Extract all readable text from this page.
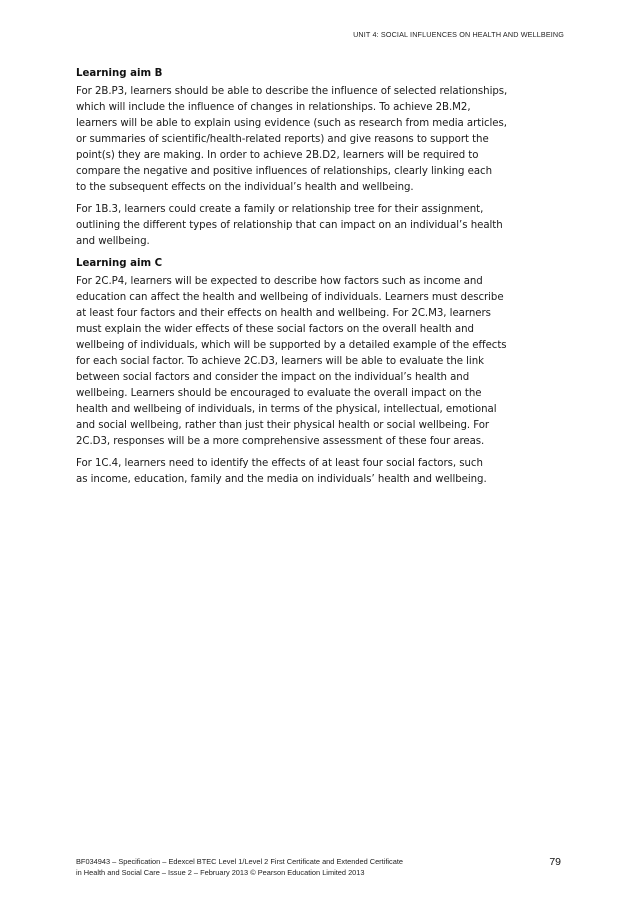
UNIT 4: SOCIAL INFLUENCES ON HEALTH AND WELLBEING
Learning aim B
For 2B.P3, learners should be able to describe the influence of selected relationships,
which will include the influence of changes in relationships. To achieve 2B.M2,
learners will be able to explain using evidence (such as research from media articles,
or summaries of scientific/health-related reports) and give reasons to support the
point(s) they are making. In order to achieve 2B.D2, learners will be required to
compare the negative and positive influences of relationships, clearly linking each
to the subsequent effects on the individual’s health and wellbeing.
For 1B.3, learners could create a family or relationship tree for their assignment,
outlining the different types of relationship that can impact on an individual’s health
and wellbeing.
Learning aim C
For 2C.P4, learners will be expected to describe how factors such as income and
education can affect the health and wellbeing of individuals. Learners must describe
at least four factors and their effects on health and wellbeing. For 2C.M3, learners
must explain the wider effects of these social factors on the overall health and
wellbeing of individuals, which will be supported by a detailed example of the effects
for each social factor. To achieve 2C.D3, learners will be able to evaluate the link
between social factors and consider the impact on the individual’s health and
wellbeing. Learners should be encouraged to evaluate the overall impact on the
health and wellbeing of individuals, in terms of the physical, intellectual, emotional
and social wellbeing, rather than just their physical health or social wellbeing. For
2C.D3, responses will be a more comprehensive assessment of these four areas.
For 1C.4, learners need to identify the effects of at least four social factors, such
as income, education, family and the media on individuals’ health and wellbeing.
BF034943 – Specification – Edexcel BTEC Level 1/Level 2 First Certificate and Extended Certificate
in Health and Social Care – Issue 2 – February 2013 © Pearson Education Limited 2013
79
